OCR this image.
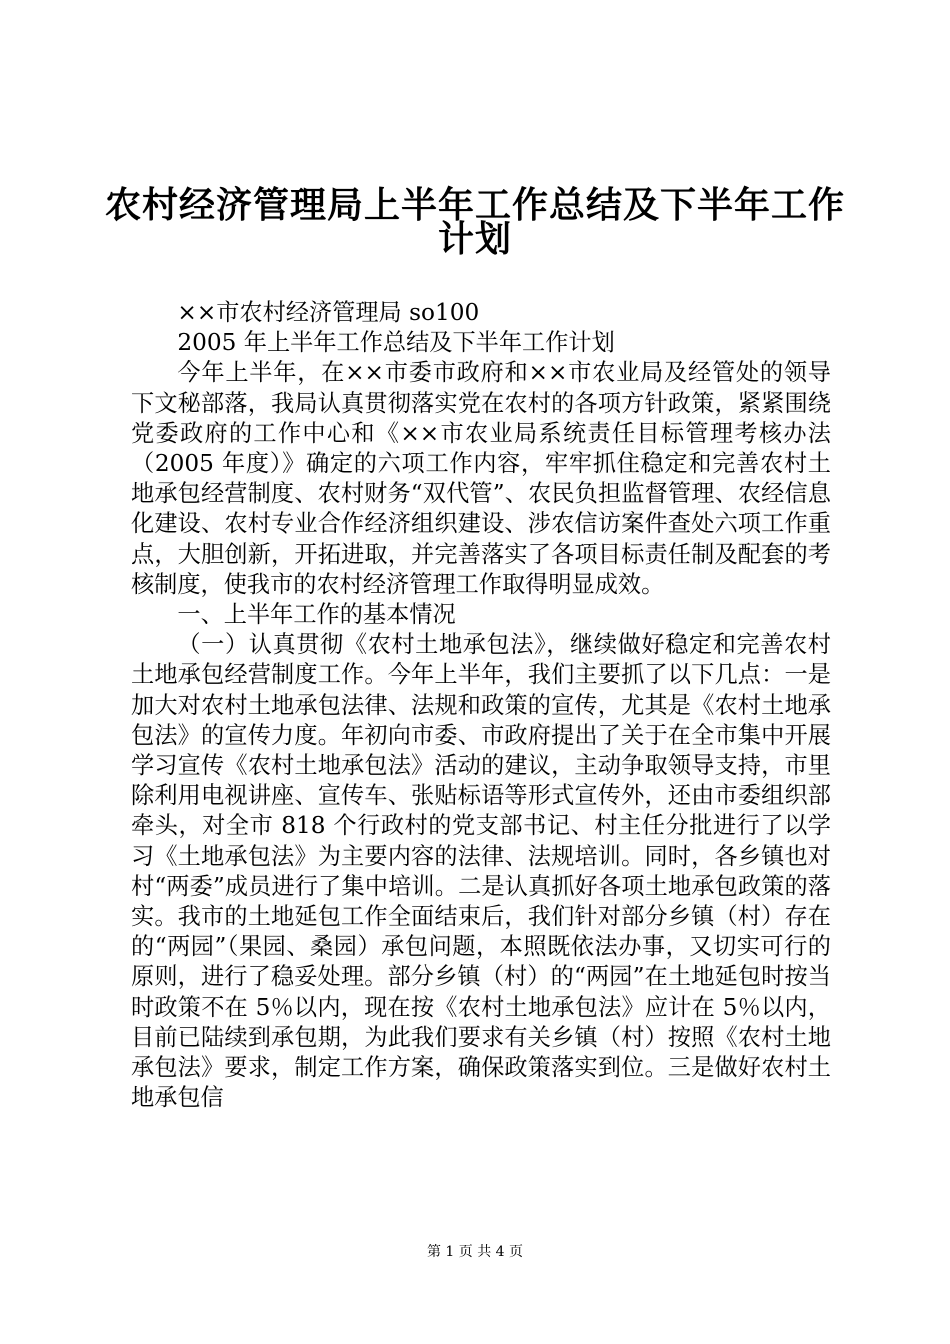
农村经济管理局上半年工作总结及下半年工作
计划

××市农村经济管理局 so100

2005 年上半年工作总结及下半年工作计划

今年上半年，在××市委市政府和××市农业局及经管处的领导下文秘部落，我局认真贯彻落实党在农村的各项方针政策，紧紧围绕党委政府的工作中心和《××市农业局系统责任目标管理考核办法（2005 年度）》确定的六项工作内容，牢牢抓住稳定和完善农村土地承包经营制度、农村财务“双代管”、农民负担监督管理、农经信息化建设、农村专业合作经济组织建设、涉农信访案件查处六项工作重点，大胆创新，开拓进取，并完善落实了各项目标责任制及配套的考核制度，使我市的农村经济管理工作取得明显成效。

一、上半年工作的基本情况

（一）认真贯彻《农村土地承包法》，继续做好稳定和完善农村土地承包经营制度工作。今年上半年，我们主要抓了以下几点：一是加大对农村土地承包法律、法规和政策的宣传，尤其是《农村土地承包法》的宣传力度。年初向市委、市政府提出了关于在全市集中开展学习宣传《农村土地承包法》活动的建议，主动争取领导支持，市里除利用电视讲座、宣传车、张贴标语等形式宣传外，还由市委组织部牵头，对全市 818 个行政村的党支部书记、村主任分批进行了以学习《土地承包法》为主要内容的法律、法规培训。同时，各乡镇也对村“两委”成员进行了集中培训。二是认真抓好各项土地承包政策的落实。我市的土地延包工作全面结束后，我们针对部分乡镇（村）存在的“两园”（果园、桑园）承包问题，本照既依法办事，又切实可行的原则，进行了稳妥处理。部分乡镇（村）的“两园”在土地延包时按当时政策不在 5％以内，现在按《农村土地承包法》应计在 5％以内，目前已陆续到承包期，为此我们要求有关乡镇（村）按照《农村土地承包法》要求，制定工作方案，确保政策落实到位。三是做好农村土地承包信

第 1 页 共 4 页
